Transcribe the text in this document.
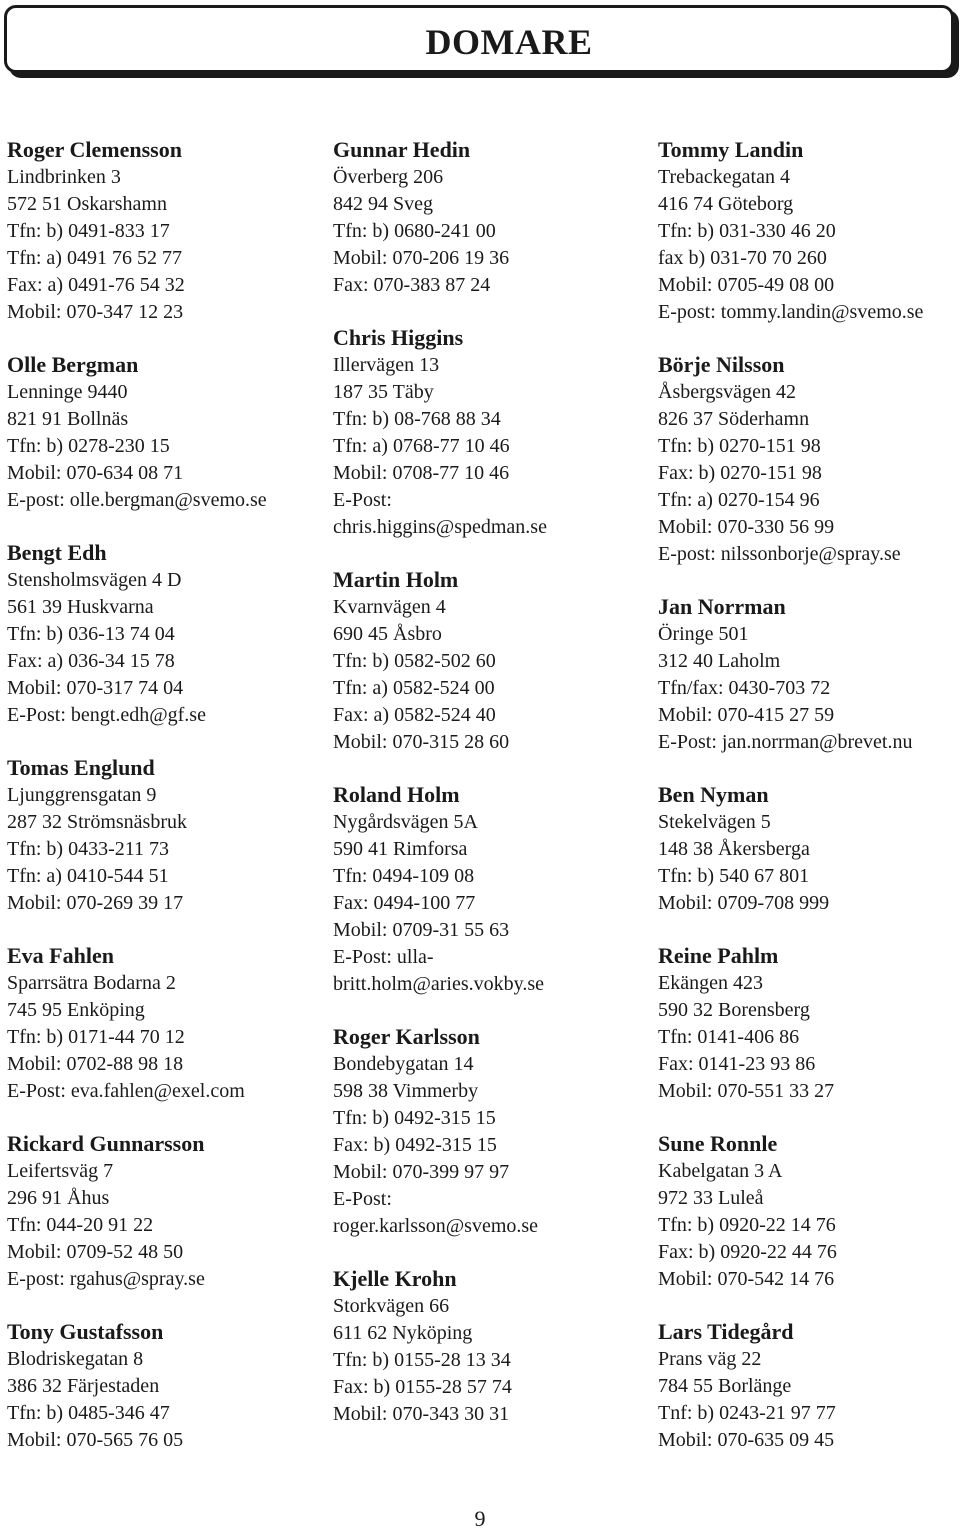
DOMARE
Roger Clemensson
Lindbrinken 3
572 51 Oskarshamn
Tfn: b) 0491-833 17
Tfn: a) 0491 76 52 77
Fax: a) 0491-76 54 32
Mobil: 070-347 12 23
Olle Bergman
Lenninge 9440
821 91 Bollnäs
Tfn: b) 0278-230 15
Mobil: 070-634 08 71
E-post: olle.bergman@svemo.se
Bengt Edh
Stensholmsvägen 4 D
561 39 Huskvarna
Tfn: b) 036-13 74 04
Fax: a) 036-34 15 78
Mobil: 070-317 74 04
E-Post: bengt.edh@gf.se
Tomas Englund
Ljunggrensgatan 9
287 32 Strömsnäsbruk
Tfn: b) 0433-211 73
Tfn: a) 0410-544 51
Mobil: 070-269 39 17
Eva Fahlen
Sparrsätra Bodarna 2
745 95 Enköping
Tfn: b) 0171-44 70 12
Mobil: 0702-88 98 18
E-Post: eva.fahlen@exel.com
Rickard Gunnarsson
Leifertsväg 7
296 91 Åhus
Tfn: 044-20 91 22
Mobil: 0709-52 48 50
E-post: rgahus@spray.se
Tony Gustafsson
Blodriskegatan 8
386 32 Färjestaden
Tfn: b) 0485-346 47
Mobil: 070-565 76 05
Gunnar Hedin
Överberg 206
842 94 Sveg
Tfn: b) 0680-241 00
Mobil: 070-206 19 36
Fax: 070-383 87 24
Chris Higgins
Illervägen 13
187 35 Täby
Tfn: b) 08-768 88 34
Tfn: a) 0768-77 10 46
Mobil: 0708-77 10 46
E-Post:
chris.higgins@spedman.se
Martin Holm
Kvarnvägen 4
690 45 Åsbro
Tfn: b) 0582-502 60
Tfn: a) 0582-524 00
Fax: a) 0582-524 40
Mobil: 070-315 28 60
Roland Holm
Nygårdsvägen 5A
590 41 Rimforsa
Tfn: 0494-109 08
Fax: 0494-100 77
Mobil: 0709-31 55 63
E-Post: ulla-
britt.holm@aries.vokby.se
Roger Karlsson
Bondebygatan 14
598 38 Vimmerby
Tfn: b) 0492-315 15
Fax: b) 0492-315 15
Mobil: 070-399 97 97
E-Post:
roger.karlsson@svemo.se
Kjelle Krohn
Storkvägen 66
611 62 Nyköping
Tfn: b) 0155-28 13 34
Fax: b) 0155-28 57 74
Mobil: 070-343 30 31
Tommy Landin
Trebackegatan 4
416 74 Göteborg
Tfn: b) 031-330 46 20
fax b) 031-70 70 260
Mobil: 0705-49 08 00
E-post: tommy.landin@svemo.se
Börje Nilsson
Åsbergsvägen 42
826 37 Söderhamn
Tfn: b) 0270-151 98
Fax: b) 0270-151 98
Tfn: a) 0270-154 96
Mobil: 070-330 56 99
E-post: nilssonborje@spray.se
Jan Norrman
Öringe 501
312 40 Laholm
Tfn/fax: 0430-703 72
Mobil: 070-415 27 59
E-Post: jan.norrman@brevet.nu
Ben Nyman
Stekelvägen 5
148 38 Åkersberga
Tfn: b) 540 67 801
Mobil: 0709-708 999
Reine Pahlm
Ekängen 423
590 32 Borensberg
Tfn: 0141-406 86
Fax: 0141-23 93 86
Mobil: 070-551 33 27
Sune Ronnle
Kabelgatan 3 A
972 33 Luleå
Tfn: b) 0920-22 14 76
Fax: b) 0920-22 44 76
Mobil: 070-542 14 76
Lars Tidegård
Prans väg 22
784 55 Borlänge
Tnf: b) 0243-21 97 77
Mobil: 070-635 09 45
9
